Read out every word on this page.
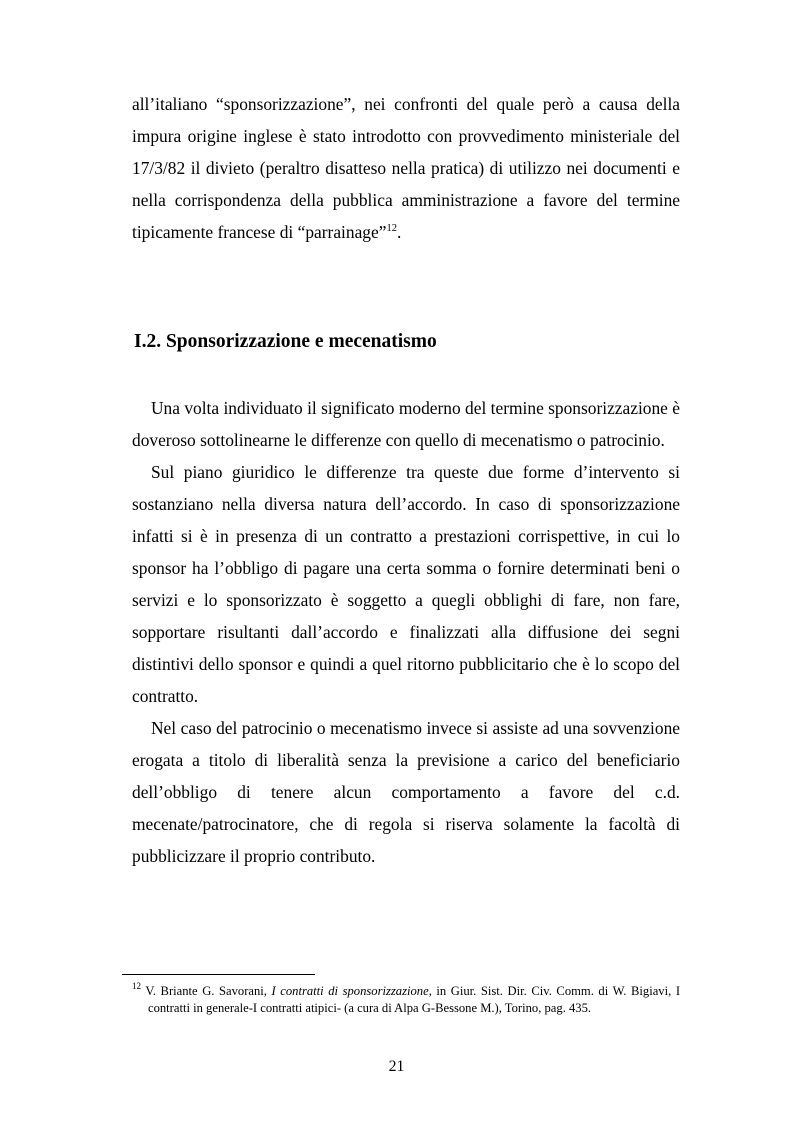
all’italiano “sponsorizzazione”, nei confronti del quale però a causa della impura origine inglese è stato introdotto con provvedimento ministeriale del 17/3/82 il divieto (peraltro disatteso nella pratica) di utilizzo nei documenti e nella corrispondenza della pubblica amministrazione a favore del termine tipicamente francese di “parrainage”$^{12}$.

I.2. Sponsorizzazione e mecenatismo

Una volta individuato il significato moderno del termine sponsorizzazione è doveroso sottolinearne le differenze con quello di mecenatismo o patrocinio.

Sul piano giuridico le differenze tra queste due forme d’intervento si sostanziano nella diversa natura dell’accordo. In caso di sponsorizzazione infatti si è in presenza di un contratto a prestazioni corrispettive, in cui lo sponsor ha l’obbligo di pagare una certa somma o fornire determinati beni o servizi e lo sponsorizzato è soggetto a quegli obblighi di fare, non fare, sopportare risultanti dall’accordo e finalizzati alla diffusione dei segni distintivi dello sponsor e quindi a quel ritorno pubblicitario che è lo scopo del contratto.

Nel caso del patrocinio o mecenatismo invece si assiste ad una sovvenzione erogata a titolo di liberalità senza la previsione a carico del beneficiario dell’obbligo di tenere alcun comportamento a favore del c.d. mecenate/patrocinatore, che di regola si riserva solamente la facoltà di pubblicizzare il proprio contributo.

$^{12}$ V. Briante G. Savorani, I contratti di sponsorizzazione, in Giur. Sist. Dir. Civ. Comm. di W. Bigiavi, I contratti in generale-I contratti atipici- (a cura di Alpa G-Bessone M.), Torino, pag. 435.

21
